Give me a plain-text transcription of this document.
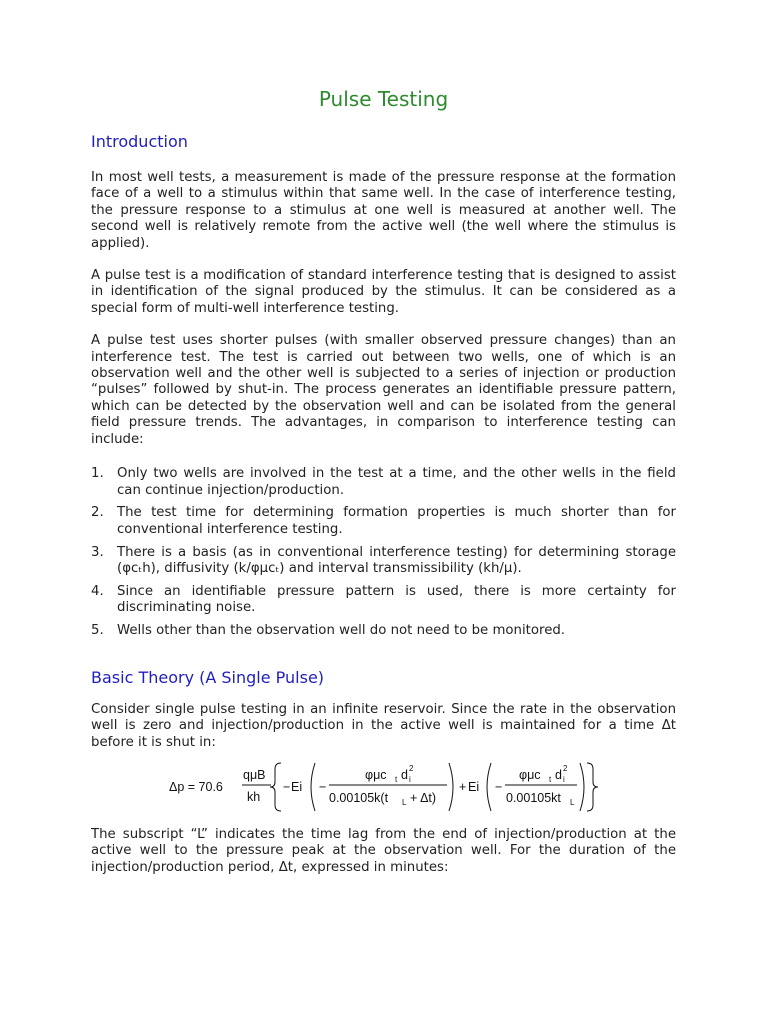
Pulse Testing
Introduction

In most well tests, a measurement is made of the pressure response at the formation face of a well to a stimulus within that same well. In the case of interference testing, the pressure response to a stimulus at one well is measured at another well. The second well is relatively remote from the active well (the well where the stimulus is applied).

A pulse test is a modification of standard interference testing that is designed to assist in identification of the signal produced by the stimulus. It can be considered as a special form of multi-well interference testing.

A pulse test uses shorter pulses (with smaller observed pressure changes) than an interference test. The test is carried out between two wells, one of which is an observation well and the other well is subjected to a series of injection or production “pulses” followed by shut-in. The process generates an identifiable pressure pattern, which can be detected by the observation well and can be isolated from the general field pressure trends. The advantages, in comparison to interference testing can include:

1. Only two wells are involved in the test at a time, and the other wells in the field can continue injection/production.
2. The test time for determining formation properties is much shorter than for conventional interference testing.
3. There is a basis (as in conventional interference testing) for determining storage (φcₜh), diffusivity (k/φμcₜ) and interval transmissibility (kh/μ).
4. Since an identifiable pressure pattern is used, there is more certainty for discriminating noise.
5. Wells other than the observation well do not need to be monitored.
Basic Theory (A Single Pulse)

Consider single pulse testing in an infinite reservoir. Since the rate in the observation well is zero and injection/production in the active well is maintained for a time Δt before it is shut in:

Δp = 70.6
qμB
kh
− Ei −
φμc t d 2
i
0.00105k(t L + Δt)
+ Ei −
φμc t d 2
i
0.00105kt L

The subscript “L” indicates the time lag from the end of injection/production at the active well to the pressure peak at the observation well. For the duration of the injection/production period, Δt, expressed in minutes:
